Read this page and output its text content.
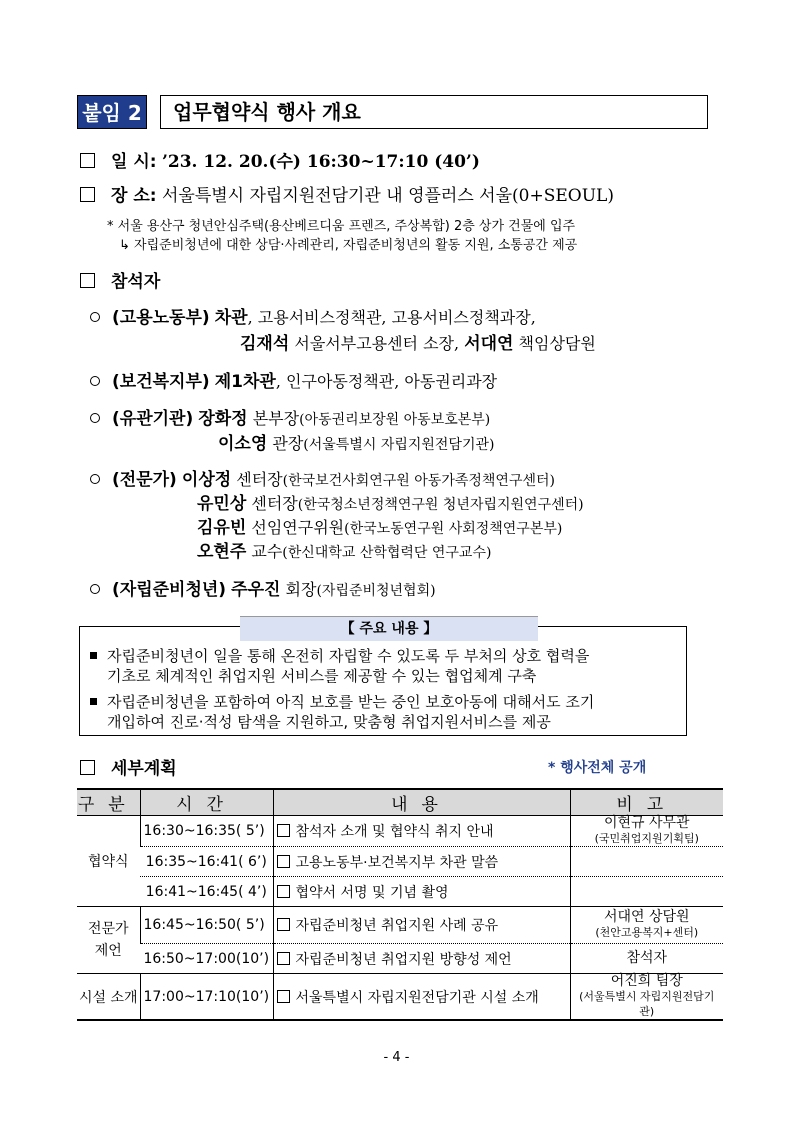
붙임 2	업무협약식 행사 개요
일 시: ’23. 12. 20.(수) 16:30~17:10 (40’)
장 소: 서울특별시 자립지원전담기관 내 영플러스 서울(0+SEOUL)
* 서울 용산구 청년안심주택(용산베르디움 프렌즈, 주상복합) 2층 상가 건물에 입주
↳ 자립준비청년에 대한 상담·사례관리, 자립준비청년의 활동 지원, 소통공간 제공
참석자
(고용노동부) 차관, 고용서비스정책관, 고용서비스정책과장,
김재석 서울서부고용센터 소장, 서대연 책임상담원
(보건복지부) 제1차관, 인구아동정책관, 아동권리과장
(유관기관) 장화정 본부장(아동권리보장원 아동보호본부)
이소영 관장(서울특별시 자립지원전담기관)
(전문가) 이상정 센터장(한국보건사회연구원 아동가족정책연구센터)
유민상 센터장(한국청소년정책연구원 청년자립지원연구센터)
김유빈 선임연구위원(한국노동연구원 사회정책연구본부)
오현주 교수(한신대학교 산학협력단 연구교수)
(자립준비청년) 주우진 회장(자립준비청년협회)
【 주요 내용 】
자립준비청년이 일을 통해 온전히 자립할 수 있도록 두 부처의 상호 협력을
기초로 체계적인 취업지원 서비스를 제공할 수 있는 협업체계 구축
자립준비청년을 포함하여 아직 보호를 받는 중인 보호아동에 대해서도 조기
개입하여 진로·적성 탐색을 지원하고, 맞춤형 취업지원서비스를 제공
세부계획	* 행사전체 공개
구분	시간	내용	비고
협약식	16:30~16:35( 5’)	참석자 소개 및 협약식 취지 안내	이현규 사무관
(국민취업지원기획팀)

	16:35~16:41( 6’)	고용노동부·보건복지부 차관 말씀	
	16:41~16:45( 4’)	협약서 서명 및 기념 촬영	
전문가 제언	16:45~16:50( 5’)	자립준비청년 취업지원 사례 공유	서대연 상담원
(천안고용복지+센터)

	16:50~17:00(10’)	자립준비청년 취업지원 방향성 제언	참석자

시설 소개	17:00~17:10(10’)	서울특별시 자립지원전담기관 시설 소개	어진희 팀장
(서울특별시 자립지원전담기관)
- 4 -
